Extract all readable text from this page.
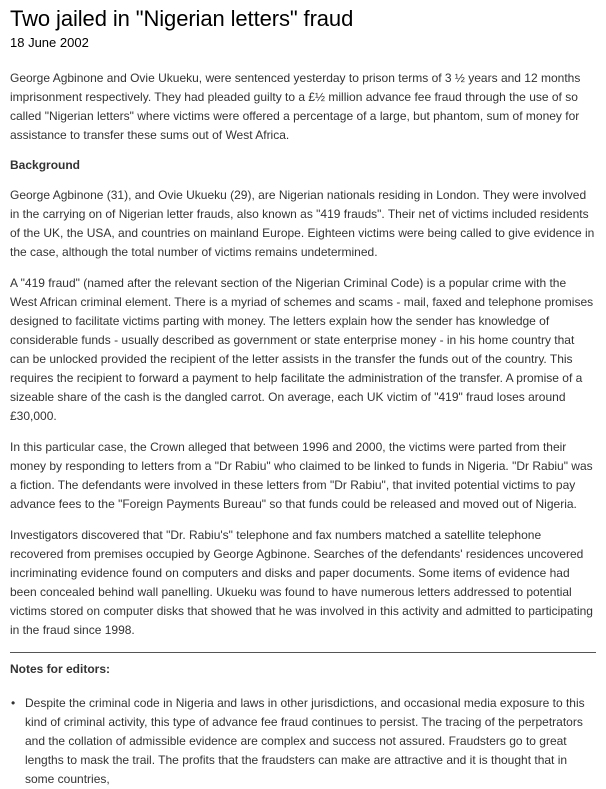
Two jailed in "Nigerian letters" fraud
18 June 2002

George Agbinone and Ovie Ukueku, were sentenced yesterday to prison terms of 3 ½ years and 12 months imprisonment respectively. They had pleaded guilty to a £½ million advance fee fraud through the use of so called "Nigerian letters" where victims were offered a percentage of a large, but phantom, sum of money for assistance to transfer these sums out of West Africa.

Background

George Agbinone (31), and Ovie Ukueku (29), are Nigerian nationals residing in London. They were involved in the carrying on of Nigerian letter frauds, also known as "419 frauds". Their net of victims included residents of the UK, the USA, and countries on mainland Europe. Eighteen victims were being called to give evidence in the case, although the total number of victims remains undetermined.

A "419 fraud" (named after the relevant section of the Nigerian Criminal Code) is a popular crime with the West African criminal element. There is a myriad of schemes and scams - mail, faxed and telephone promises designed to facilitate victims parting with money. The letters explain how the sender has knowledge of considerable funds - usually described as government or state enterprise money - in his home country that can be unlocked provided the recipient of the letter assists in the transfer the funds out of the country. This requires the recipient to forward a payment to help facilitate the administration of the transfer. A promise of a sizeable share of the cash is the dangled carrot. On average, each UK victim of "419" fraud loses around £30,000.

In this particular case, the Crown alleged that between 1996 and 2000, the victims were parted from their money by responding to letters from a "Dr Rabiu" who claimed to be linked to funds in Nigeria. "Dr Rabiu" was a fiction. The defendants were involved in these letters from "Dr Rabiu", that invited potential victims to pay advance fees to the "Foreign Payments Bureau" so that funds could be released and moved out of Nigeria.

Investigators discovered that "Dr. Rabiu's" telephone and fax numbers matched a satellite telephone recovered from premises occupied by George Agbinone. Searches of the defendants' residences uncovered incriminating evidence found on computers and disks and paper documents. Some items of evidence had been concealed behind wall panelling. Ukueku was found to have numerous letters addressed to potential victims stored on computer disks that showed that he was involved in this activity and admitted to participating in the fraud since 1998.

Notes for editors:
• Despite the criminal code in Nigeria and laws in other jurisdictions, and occasional media exposure to this kind of criminal activity, this type of advance fee fraud continues to persist. The tracing of the perpetrators and the collation of admissible evidence are complex and success not assured. Fraudsters go to great lengths to mask the trail. The profits that the fraudsters can make are attractive and it is thought that in some countries,
